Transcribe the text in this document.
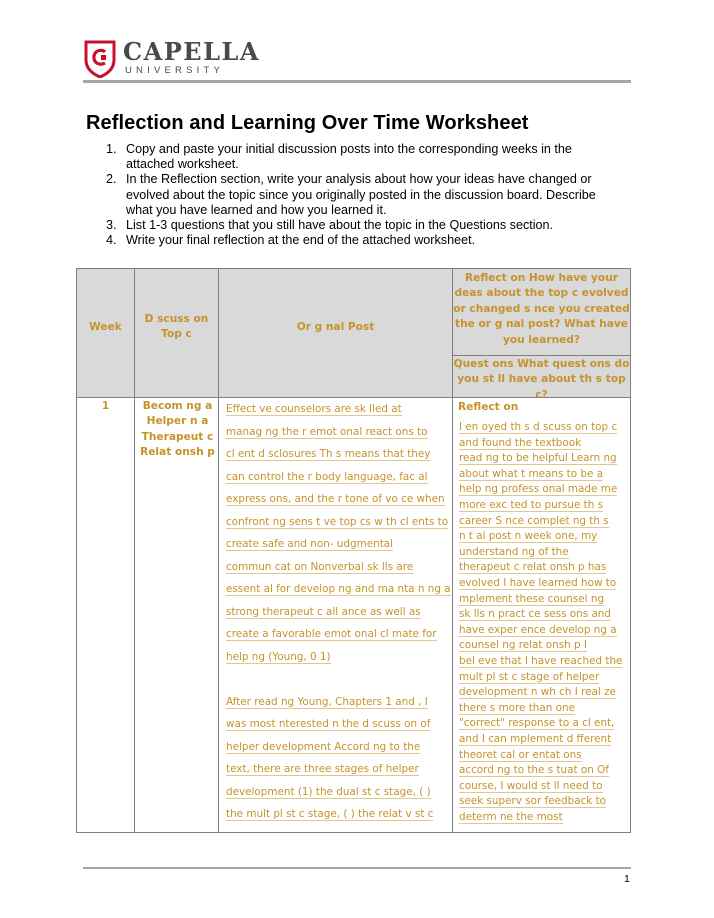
CAPELLA
UNIVERSITY
Reflection and Learning Over Time Worksheet
1. Copy and paste your initial discussion posts into the corresponding weeks in the attached worksheet.
2. In the Reflection section, write your analysis about how your ideas have changed or evolved about the topic since you originally posted in the discussion board. Describe what you have learned and how you learned it.
3. List 1-3 questions that you still have about the topic in the Questions section.
4. Write your final reflection at the end of the attached worksheet.
Week
D scuss on
Top c
Or g nal Post
Reflect on How have your
deas about the top c evolved
or changed s nce you created
the or g nal post? What have
you learned?
Quest ons What quest ons do
you st ll have about th s top c?
1	Becom ng a
Helper n a
Therapeut c
Relat onsh p
Effect ve counselors are sk lled at
manag ng the r emot onal react ons to
cl ent d sclosures Th s means that they
can control the r body language, fac al
express ons, and the r tone of vo ce when
confront ng sens t ve top cs w th cl ents to
create safe and non- udgmental
commun cat on Nonverbal sk lls are
essent al for develop ng and ma nta n ng a
strong therapeut c all ance as well as
create a favorable emot onal cl mate for
help ng (Young, 0 1)
After read ng Young, Chapters 1 and , I
was most nterested n the d scuss on of
helper development Accord ng to the
text, there are three stages of helper
development (1) the dual st c stage, ( )
the mult pl st c stage, ( ) the relat v st c
Reflect on
I en oyed th s d scuss on top c
and found the textbook
read ng to be helpful Learn ng
about what t means to be a
help ng profess onal made me
more exc ted to pursue th s
career S nce complet ng th s
n t al post n week one, my
understand ng of the
therapeut c relat onsh p has
evolved I have learned how to
mplement these counsel ng
sk lls n pract ce sess ons and
have exper ence develop ng a
counsel ng relat onsh p I
bel eve that I have reached the
mult pl st c stage of helper
development n wh ch I real ze
there s more than one
"correct" response to a cl ent,
and I can mplement d fferent
theoret cal or entat ons
accord ng to the s tuat on Of
course, I would st ll need to
seek superv sor feedback to
determ ne the most
1
